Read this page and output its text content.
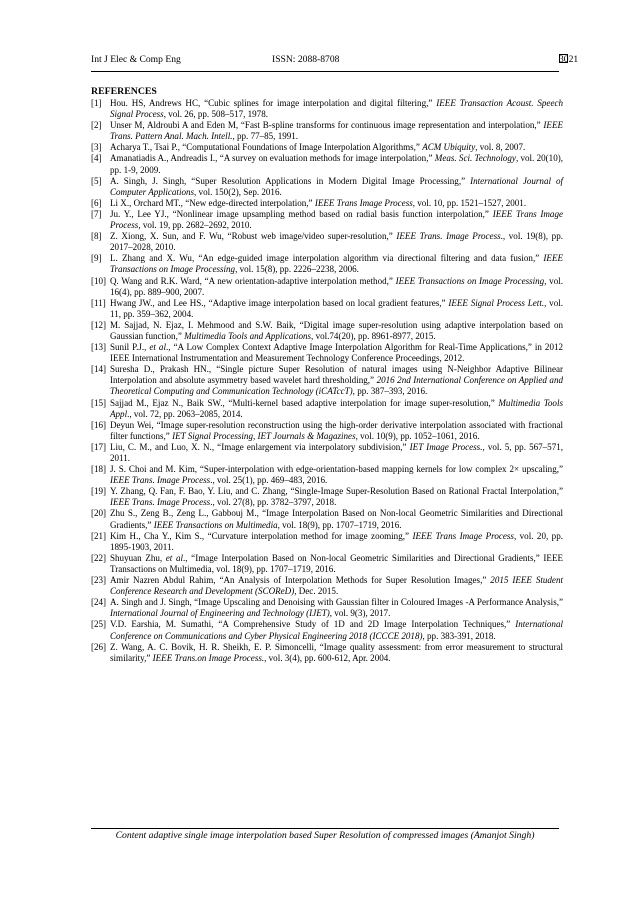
Int J Elec & Comp Eng	ISSN: 2088-8708	3021
REFERENCES
[1] Hou. HS, Andrews HC, “Cubic splines for image interpolation and digital filtering,” IEEE Transaction Acoust. Speech Signal Process, vol. 26, pp. 508–517, 1978.
[2] Unser M, Aldroubi A and Eden M, “Fast B-spline transforms for continuous image representation and interpolation,” IEEE Trans. Pattern Anal. Mach. Intell., pp. 77–85, 1991.
[3] Acharya T., Tsai P., “Computational Foundations of Image Interpolation Algorithms,” ACM Ubiquity, vol. 8, 2007.
[4] Amanatiadis A., Andreadis I., “A survey on evaluation methods for image interpolation,” Meas. Sci. Technology, vol. 20(10), pp. 1-9, 2009.
[5] A. Singh, J. Singh, “Super Resolution Applications in Modern Digital Image Processing,” International Journal of Computer Applications, vol. 150(2), Sep. 2016.
[6] Li X., Orchard MT., “New edge-directed interpolation,” IEEE Trans Image Process, vol. 10, pp. 1521–1527, 2001.
[7] Ju. Y., Lee YJ., “Nonlinear image upsampling method based on radial basis function interpolation,” IEEE Trans Image Process, vol. 19, pp. 2682–2692, 2010.
[8] Z. Xiong, X. Sun, and F. Wu, “Robust web image/video super-resolution,” IEEE Trans. Image Process., vol. 19(8), pp. 2017–2028, 2010.
[9] L. Zhang and X. Wu, “An edge-guided image interpolation algorithm via directional filtering and data fusion,” IEEE Transactions on Image Processing, vol. 15(8), pp. 2226–2238, 2006.
[10] Q. Wang and R.K. Ward, “A new orientation-adaptive interpolation method,” IEEE Transactions on Image Processing, vol. 16(4), pp. 889–900, 2007.
[11] Hwang JW., and Lee HS., “Adaptive image interpolation based on local gradient features,” IEEE Signal Process Lett., vol. 11, pp. 359–362, 2004.
[12] M. Sajjad, N. Ejaz, I. Mehmood and S.W. Baik, “Digital image super-resolution using adaptive interpolation based on Gaussian function,” Multimedia Tools and Applications, vol.74(20), pp. 8961-8977, 2015.
[13] Sunil P.J., et al., “A Low Complex Context Adaptive Image Interpolation Algorithm for Real-Time Applications,” in 2012 IEEE International Instrumentation and Measurement Technology Conference Proceedings, 2012.
[14] Suresha D., Prakash HN., “Single picture Super Resolution of natural images using N-Neighbor Adaptive Bilinear Interpolation and absolute asymmetry based wavelet hard thresholding,” 2016 2nd International Conference on Applied and Theoretical Computing and Communication Technology (iCATccT), pp. 387–393, 2016.
[15] Sajjad M., Ejaz N., Baik SW., “Multi-kernel based adaptive interpolation for image super-resolution,” Multimedia Tools Appl., vol. 72, pp. 2063–2085, 2014.
[16] Deyun Wei, “Image super-resolution reconstruction using the high-order derivative interpolation associated with fractional filter functions,” IET Signal Processing, IET Journals & Magazines, vol. 10(9), pp. 1052–1061, 2016.
[17] Liu, C. M., and Luo, X. N., “Image enlargement via interpolatory subdivision,” IET Image Process., vol. 5, pp. 567–571, 2011.
[18] J. S. Choi and M. Kim, “Super-interpolation with edge-orientation-based mapping kernels for low complex 2× upscaling,” IEEE Trans. Image Process., vol. 25(1), pp. 469–483, 2016.
[19] Y. Zhang, Q. Fan, F. Bao, Y. Liu, and C. Zhang, “Single-Image Super-Resolution Based on Rational Fractal Interpolation,” IEEE Trans. Image Process., vol. 27(8), pp. 3782–3797, 2018.
[20] Zhu S., Zeng B., Zeng L., Gabbouj M., “Image Interpolation Based on Non-local Geometric Similarities and Directional Gradients,” IEEE Transactions on Multimedia, vol. 18(9), pp. 1707–1719, 2016.
[21] Kim H., Cha Y., Kim S., “Curvature interpolation method for image zooming,” IEEE Trans Image Process, vol. 20, pp. 1895-1903, 2011.
[22] Shuyuan Zhu, et al., “Image Interpolation Based on Non-local Geometric Similarities and Directional Gradients,” IEEE Transactions on Multimedia, vol. 18(9), pp. 1707–1719, 2016.
[23] Amir Nazren Abdul Rahim, “An Analysis of Interpolation Methods for Super Resolution Images,” 2015 IEEE Student Conference Research and Development (SCOReD), Dec. 2015.
[24] A. Singh and J. Singh, “Image Upscaling and Denoising with Gaussian filter in Coloured Images -A Performance Analysis,” International Journal of Engineering and Technology (IJET), vol. 9(3), 2017.
[25] V.D. Earshia, M. Sumathi, “A Comprehensive Study of 1D and 2D Image Interpolation Techniques,” International Conference on Communications and Cyber Physical Engineering 2018 (ICCCE 2018), pp. 383-391, 2018.
[26] Z. Wang, A. C. Bovik, H. R. Sheikh, E. P. Simoncelli, “Image quality assessment: from error measurement to structural similarity,” IEEE Trans.on Image Process., vol. 3(4), pp. 600-612, Apr. 2004.
Content adaptive single image interpolation based Super Resolution of compressed images (Amanjot Singh)
